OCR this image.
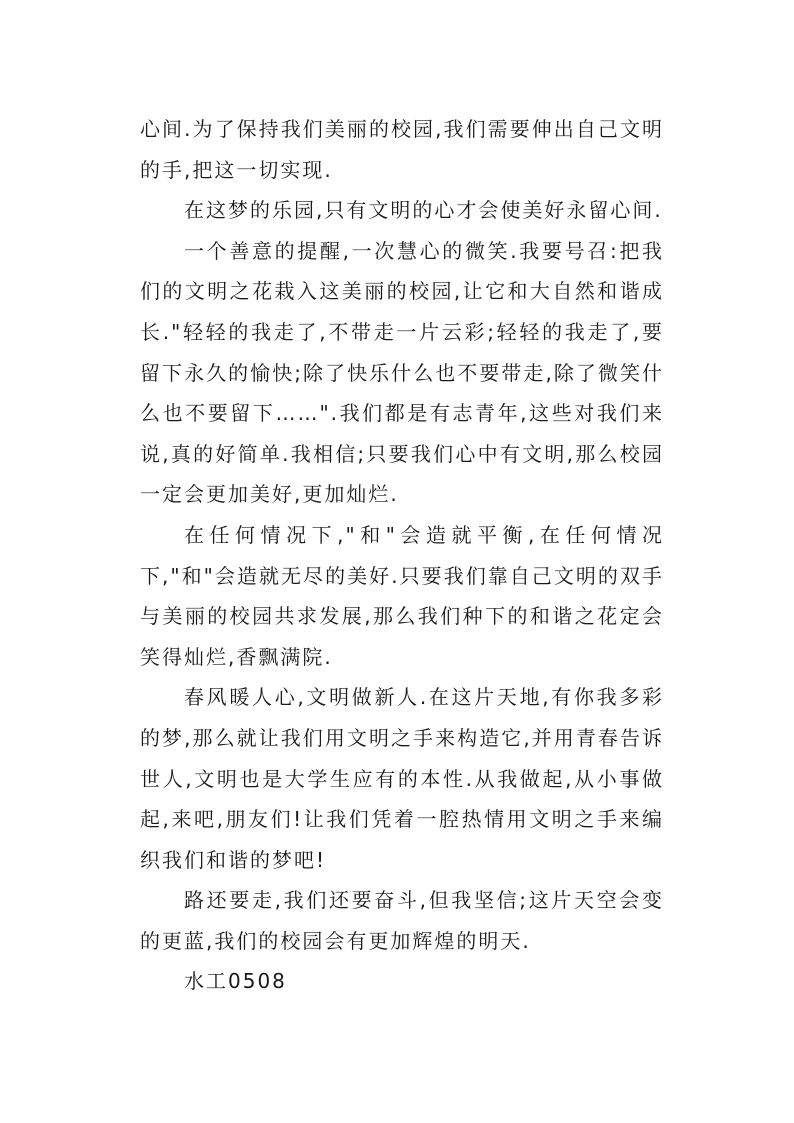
心间.为了保持我们美丽的校园,我们需要伸出自己文明的手,把这一切实现.

在这梦的乐园,只有文明的心才会使美好永留心间.

一个善意的提醒,一次慧心的微笑.我要号召:把我们的文明之花栽入这美丽的校园,让它和大自然和谐成长."轻轻的我走了,不带走一片云彩;轻轻的我走了,要留下永久的愉快;除了快乐什么也不要带走,除了微笑什么也不要留下……".我们都是有志青年,这些对我们来说,真的好简单.我相信;只要我们心中有文明,那么校园一定会更加美好,更加灿烂.

在任何情况下,"和"会造就平衡,在任何情况下,"和"会造就无尽的美好.只要我们靠自己文明的双手与美丽的校园共求发展,那么我们种下的和谐之花定会笑得灿烂,香飘满院.

春风暖人心,文明做新人.在这片天地,有你我多彩的梦,那么就让我们用文明之手来构造它,并用青春告诉世人,文明也是大学生应有的本性.从我做起,从小事做起,来吧,朋友们!让我们凭着一腔热情用文明之手来编织我们和谐的梦吧!

路还要走,我们还要奋斗,但我坚信;这片天空会变的更蓝,我们的校园会有更加辉煌的明天.

水工0508
